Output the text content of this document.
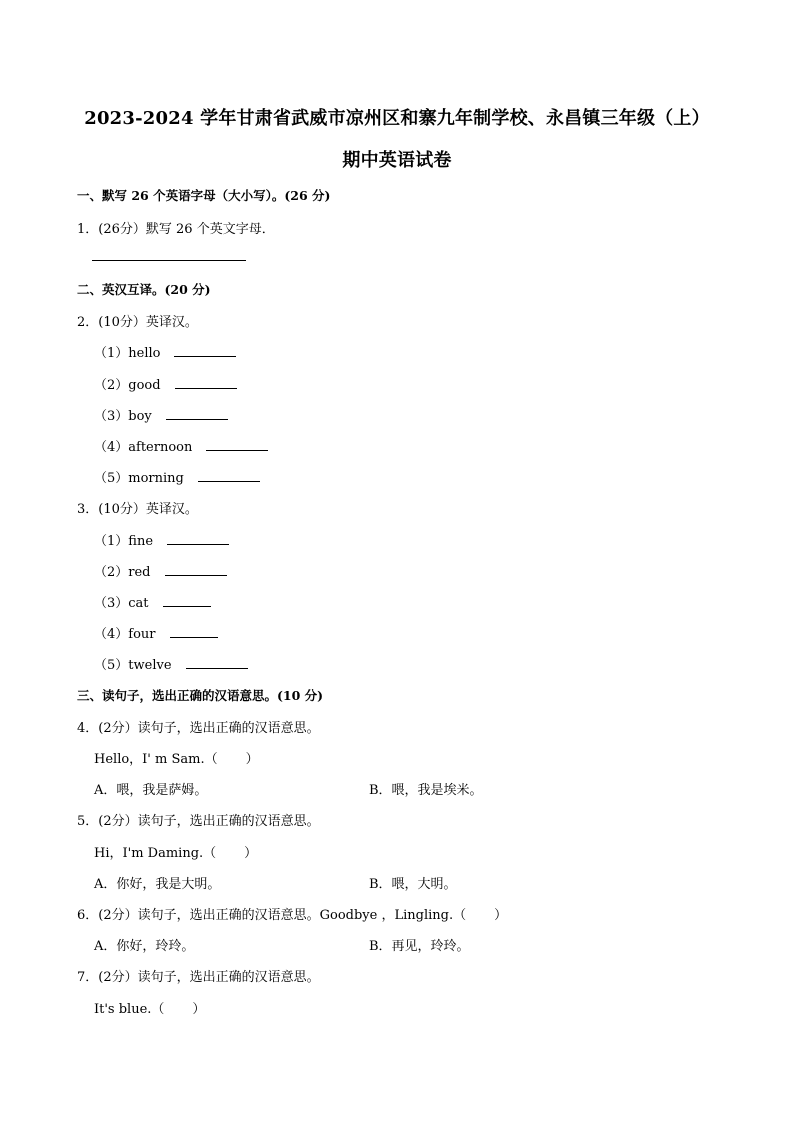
2023-2024 学年甘肃省武威市凉州区和寨九年制学校、永昌镇三年级（上）
期中英语试卷
一、默写 26 个英语字母（大小写）。(26 分)
1．(26分）默写 26 个英文字母．
二、英汉互译。(20 分)
2．(10分）英译汉。
（1）hello
（2）good
（3）boy
（4）afternoon
（5）morning
3．(10分）英译汉。
（1）fine
（2）red
（3）cat
（4）four
（5）twelve
三、读句子，选出正确的汉语意思。(10 分)
4．(2分）读句子，选出正确的汉语意思。
Hello，I' m Sam.（ ）
A．喂，我是萨姆。	B．喂，我是埃米。
5．(2分）读句子，选出正确的汉语意思。
Hi，I'm Daming.（ ）
A．你好，我是大明。	B．喂，大明。
6．(2分）读句子，选出正确的汉语意思。Goodbye ，Lingling.（ ）
A．你好，玲玲。	B．再见，玲玲。
7．(2分）读句子，选出正确的汉语意思。
It's blue.（ ）
